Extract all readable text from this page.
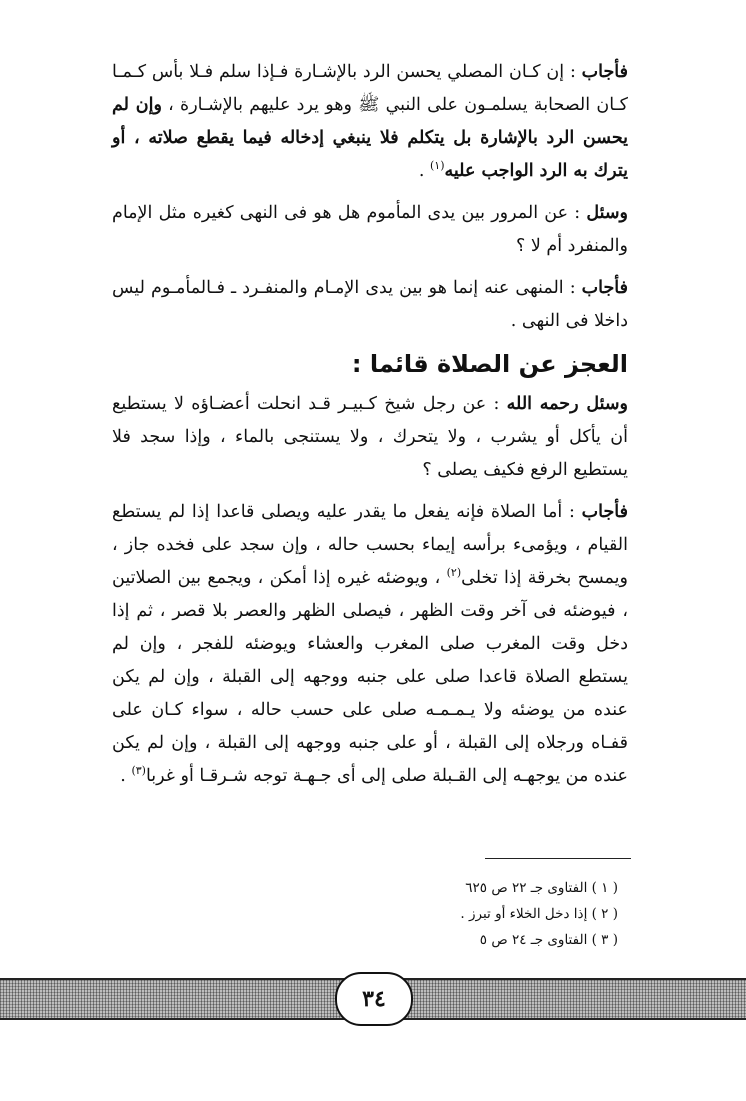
فأجاب : إن كـان المصلي يحسن الرد بالإشـارة فـإذا سلم فـلا بأس كـمـا كـان الصحابة يسلمـون على النبي ﷺ وهو يرد عليهم بالإشـارة ، وإن لم يحسن الرد بالإشارة بل يتكلم فلا ينبغي إدخاله فيما يقطع صلاته ، أو يترك به الرد الواجب عليه$^{(١)}$ .

وسئل : عن المرور بين يدى المأموم هل هو فى النهى كغيره مثل الإمام والمنفرد أم لا ؟

فأجاب : المنهى عنه إنما هو بين يدى الإمـام والمنفـرد ـ فـالمأمـوم ليس داخلا فى النهى .

العجز عن الصلاة قائما :

وسئل رحمه الله : عن رجل شيخ كـبيـر قـد انحلت أعضـاؤه لا يستطيع أن يأكل أو يشرب ، ولا يتحرك ، ولا يستنجى بالماء ، وإذا سجد فلا يستطيع الرفع فكيف يصلى ؟

فأجاب : أما الصلاة فإنه يفعل ما يقدر عليه ويصلى قاعدا إذا لم يستطع القيام ، ويؤمىء برأسه إيماء بحسب حاله ، وإن سجد على فخده جاز ، ويمسح بخرقة إذا تخلى$^{(٢)}$ ، ويوضئه غيره إذا أمكن ، ويجمع بين الصلاتين ، فيوضئه فى آخر وقت الظهر ، فيصلى الظهر والعصر بلا قصر ، ثم إذا دخل وقت المغرب صلى المغرب والعشاء ويوضئه للفجر ، وإن لم يستطع الصلاة قاعدا صلى على جنبه ووجهه إلى القبلة ، وإن لم يكن عنده من يوضئه ولا يـمـمـه صلى على حسب حاله ، سواء كـان على قفـاه ورجلاه إلى القبلة ، أو على جنبه ووجهه إلى القبلة ، وإن لم يكن عنده من يوجهـه إلى القـبلة صلى إلى أى جـهـة توجه شـرقـا أو غربا$^{(٣)}$ .

( ١ ) الفتاوى جـ ٢٢ ص ٦٢٥
( ٢ ) إذا دخل الخلاء أو تبرز .
( ٣ ) الفتاوى جـ ٢٤ ص ٥
٣٤
